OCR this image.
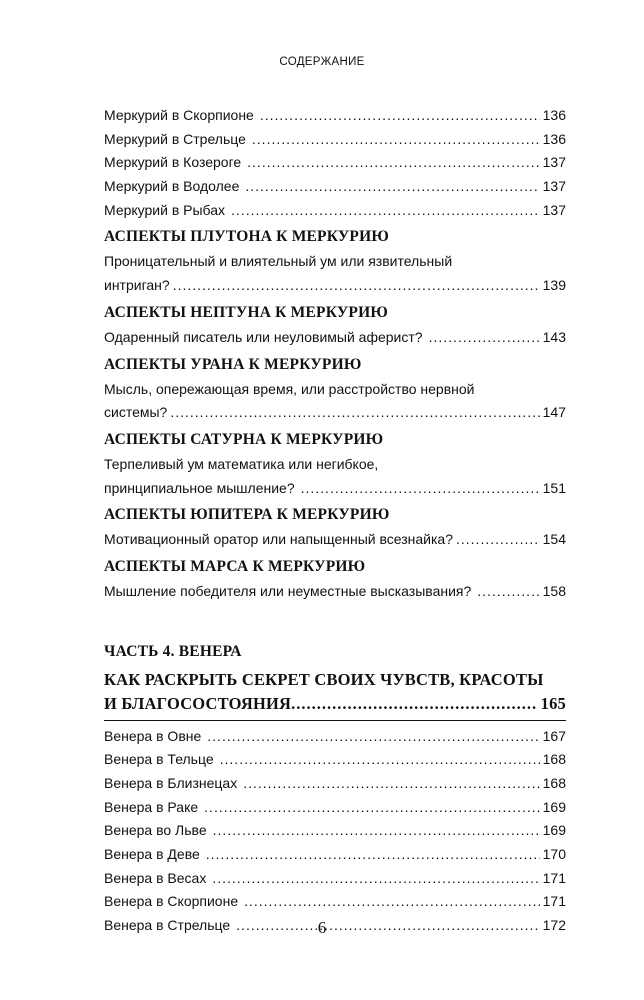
СОДЕРЖАНИЕ
Меркурий в Скорпионе .....	136
Меркурий в Стрельце .....	136
Меркурий в Козероге .....	137
Меркурий в Водолее .....	137
Меркурий в Рыбах .....	137
АСПЕКТЫ ПЛУТОНА К МЕРКУРИЮ
Проницательный и влиятельный ум или язвительный
интриган? .....	139
АСПЕКТЫ НЕПТУНА К МЕРКУРИЮ
Одаренный писатель или неуловимый аферист? .....	143
АСПЕКТЫ УРАНА К МЕРКУРИЮ
Мысль, опережающая время, или расстройство нервной
системы? .....	147
АСПЕКТЫ САТУРНА К МЕРКУРИЮ
Терпеливый ум математика или негибкое,
принципиальное мышление? .....	151
АСПЕКТЫ ЮПИТЕРА К МЕРКУРИЮ
Мотивационный оратор или напыщенный всезнайка? .....	154
АСПЕКТЫ МАРСА К МЕРКУРИЮ
Мышление победителя или неуместные высказывания? .....	158
ЧАСТЬ 4. ВЕНЕРА
КАК РАСКРЫТЬ СЕКРЕТ СВОИХ ЧУВСТВ, КРАСОТЫ
И БЛАГОСОСТОЯНИЯ .....	165
Венера в Овне .....	167
Венера в Тельце .....	168
Венера в Близнецах .....	168
Венера в Раке .....	169
Венера во Льве .....	169
Венера в Деве .....	170
Венера в Весах .....	171
Венера в Скорпионе .....	171
Венера в Стрельце .....	172
6
